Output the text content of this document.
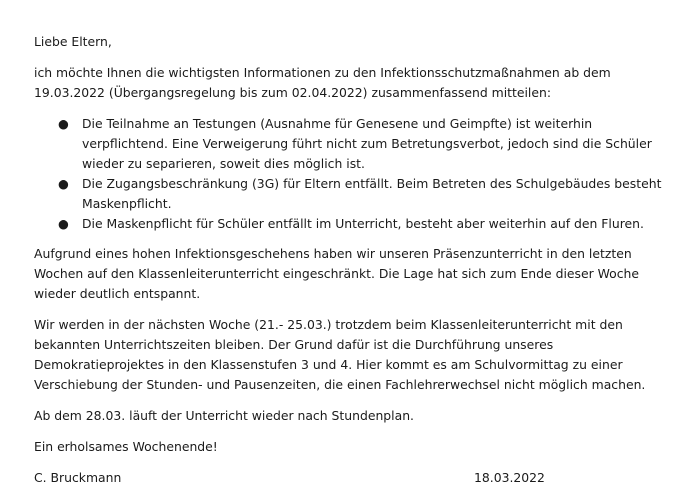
Liebe Eltern,

ich möchte Ihnen die wichtigsten Informationen zu den Infektionsschutzmaßnahmen ab dem 19.03.2022 (Übergangsregelung bis zum 02.04.2022) zusammenfassend mitteilen:

● Die Teilnahme an Testungen (Ausnahme für Genesene und Geimpfte) ist weiterhin verpflichtend. Eine Verweigerung führt nicht zum Betretungsverbot, jedoch sind die Schüler wieder zu separieren, soweit dies möglich ist.
● Die Zugangsbeschränkung (3G) für Eltern entfällt. Beim Betreten des Schulgebäudes besteht Maskenpflicht.
● Die Maskenpflicht für Schüler entfällt im Unterricht, besteht aber weiterhin auf den Fluren.

Aufgrund eines hohen Infektionsgeschehens haben wir unseren Präsenzunterricht in den letzten Wochen auf den Klassenleiterunterricht eingeschränkt. Die Lage hat sich zum Ende dieser Woche wieder deutlich entspannt.

Wir werden in der nächsten Woche (21.- 25.03.) trotzdem beim Klassenleiterunterricht mit den bekannten Unterrichtszeiten bleiben. Der Grund dafür ist die Durchführung unseres Demokratieprojektes in den Klassenstufen 3 und 4. Hier kommt es am Schulvormittag zu einer Verschiebung der Stunden- und Pausenzeiten, die einen Fachlehrerwechsel nicht möglich machen.

Ab dem 28.03. läuft der Unterricht wieder nach Stundenplan.

Ein erholsames Wochenende!

C. Bruckmann	18.03.2022
